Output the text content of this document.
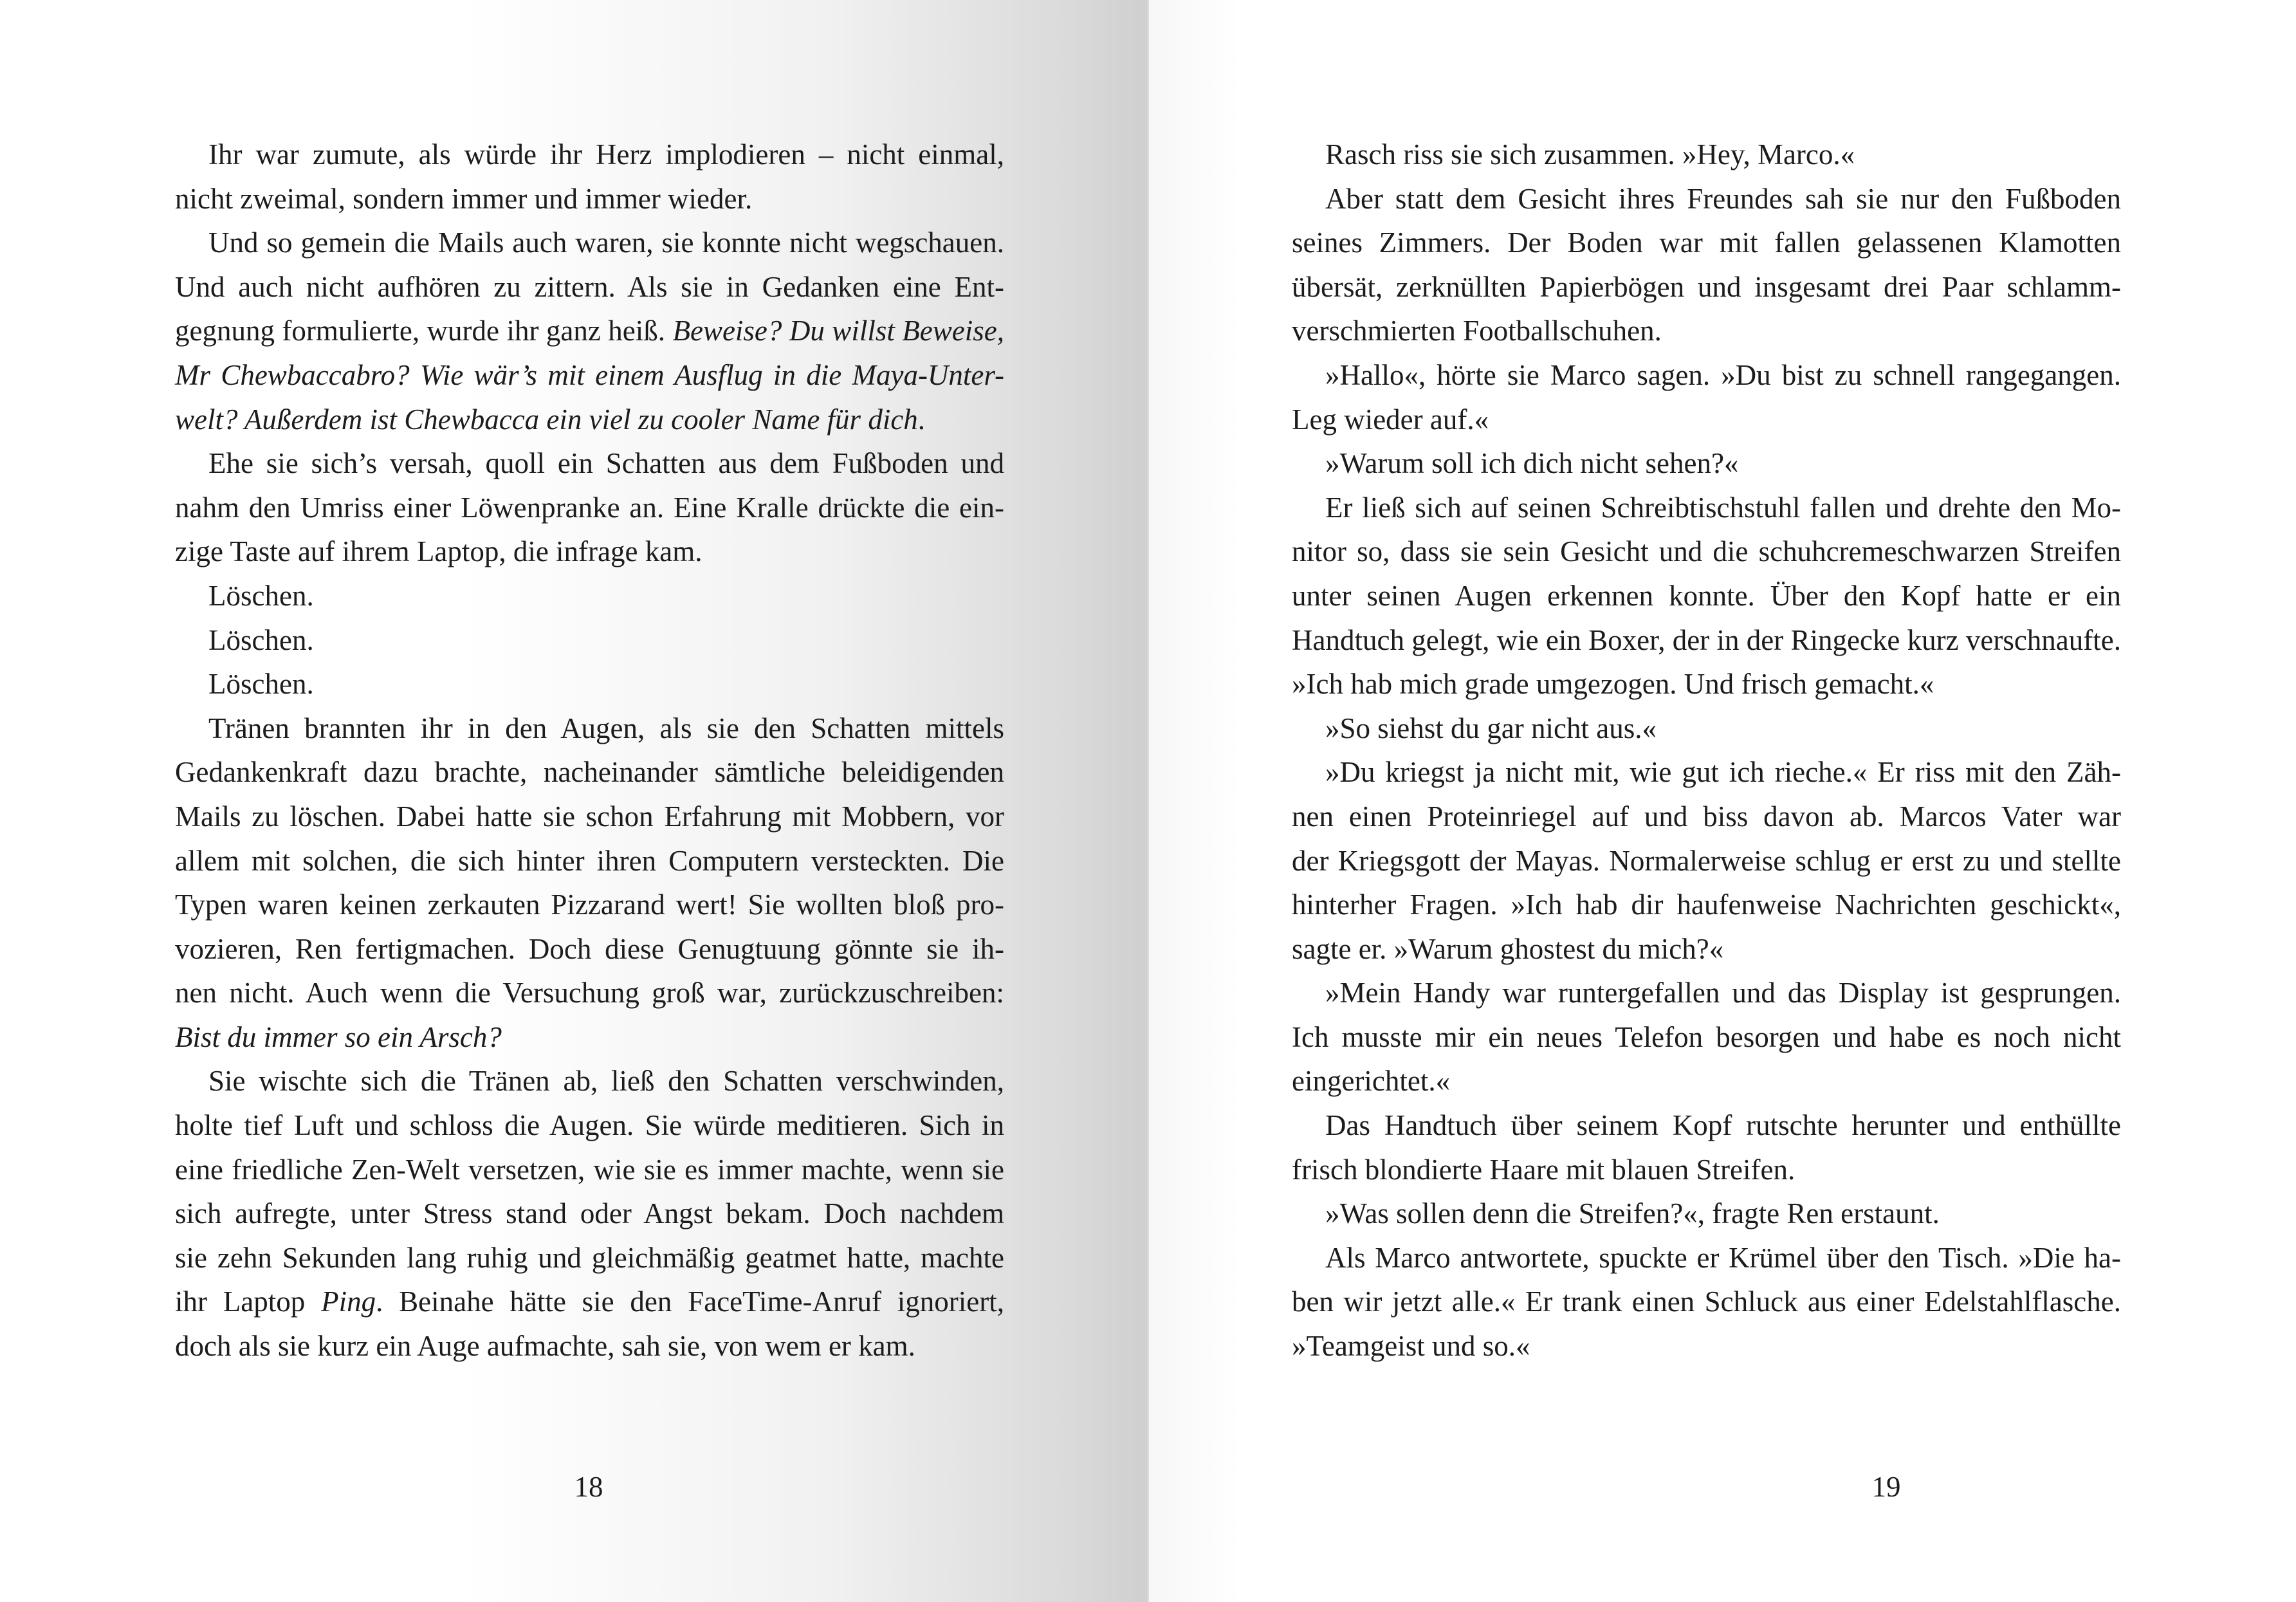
Ihr war zumute, als würde ihr Herz implodieren – nicht einmal,
nicht zweimal, sondern immer und immer wieder.
Und so gemein die Mails auch waren, sie konnte nicht wegschauen.
Und auch nicht aufhören zu zittern. Als sie in Gedanken eine Ent-
gegnung formulierte, wurde ihr ganz heiß. Beweise? Du willst Beweise,
Mr Chewbaccabro? Wie wär’s mit einem Ausflug in die Maya-Unter-
welt? Außerdem ist Chewbacca ein viel zu cooler Name für dich.
Ehe sie sich’s versah, quoll ein Schatten aus dem Fußboden und
nahm den Umriss einer Löwenpranke an. Eine Kralle drückte die ein-
zige Taste auf ihrem Laptop, die infrage kam.
Löschen.
Löschen.
Löschen.
Tränen brannten ihr in den Augen, als sie den Schatten mittels
Gedankenkraft dazu brachte, nacheinander sämtliche beleidigenden
Mails zu löschen. Dabei hatte sie schon Erfahrung mit Mobbern, vor
allem mit solchen, die sich hinter ihren Computern versteckten. Die
Typen waren keinen zerkauten Pizzarand wert! Sie wollten bloß pro-
vozieren, Ren fertigmachen. Doch diese Genugtuung gönnte sie ih-
nen nicht. Auch wenn die Versuchung groß war, zurückzuschreiben:
Bist du immer so ein Arsch?
Sie wischte sich die Tränen ab, ließ den Schatten verschwinden,
holte tief Luft und schloss die Augen. Sie würde meditieren. Sich in
eine friedliche Zen-Welt versetzen, wie sie es immer machte, wenn sie
sich aufregte, unter Stress stand oder Angst bekam. Doch nachdem
sie zehn Sekunden lang ruhig und gleichmäßig geatmet hatte, machte
ihr Laptop Ping. Beinahe hätte sie den FaceTime-Anruf ignoriert,
doch als sie kurz ein Auge aufmachte, sah sie, von wem er kam.
18
Rasch riss sie sich zusammen. »Hey, Marco.«
Aber statt dem Gesicht ihres Freundes sah sie nur den Fußboden
seines Zimmers. Der Boden war mit fallen gelassenen Klamotten
übersät, zerknüllten Papierbögen und insgesamt drei Paar schlamm-
verschmierten Footballschuhen.
»Hallo«, hörte sie Marco sagen. »Du bist zu schnell rangegangen.
Leg wieder auf.«
»Warum soll ich dich nicht sehen?«
Er ließ sich auf seinen Schreibtischstuhl fallen und drehte den Mo-
nitor so, dass sie sein Gesicht und die schuhcremeschwarzen Streifen
unter seinen Augen erkennen konnte. Über den Kopf hatte er ein
Handtuch gelegt, wie ein Boxer, der in der Ringecke kurz verschnaufte.
»Ich hab mich grade umgezogen. Und frisch gemacht.«
»So siehst du gar nicht aus.«
»Du kriegst ja nicht mit, wie gut ich rieche.« Er riss mit den Zäh-
nen einen Proteinriegel auf und biss davon ab. Marcos Vater war
der Kriegsgott der Mayas. Normalerweise schlug er erst zu und stellte
hinterher Fragen. »Ich hab dir haufenweise Nachrichten geschickt«,
sagte er. »Warum ghostest du mich?«
»Mein Handy war runtergefallen und das Display ist gesprungen.
Ich musste mir ein neues Telefon besorgen und habe es noch nicht
eingerichtet.«
Das Handtuch über seinem Kopf rutschte herunter und enthüllte
frisch blondierte Haare mit blauen Streifen.
»Was sollen denn die Streifen?«, fragte Ren erstaunt.
Als Marco antwortete, spuckte er Krümel über den Tisch. »Die ha-
ben wir jetzt alle.« Er trank einen Schluck aus einer Edelstahlflasche.
»Teamgeist und so.«
19
